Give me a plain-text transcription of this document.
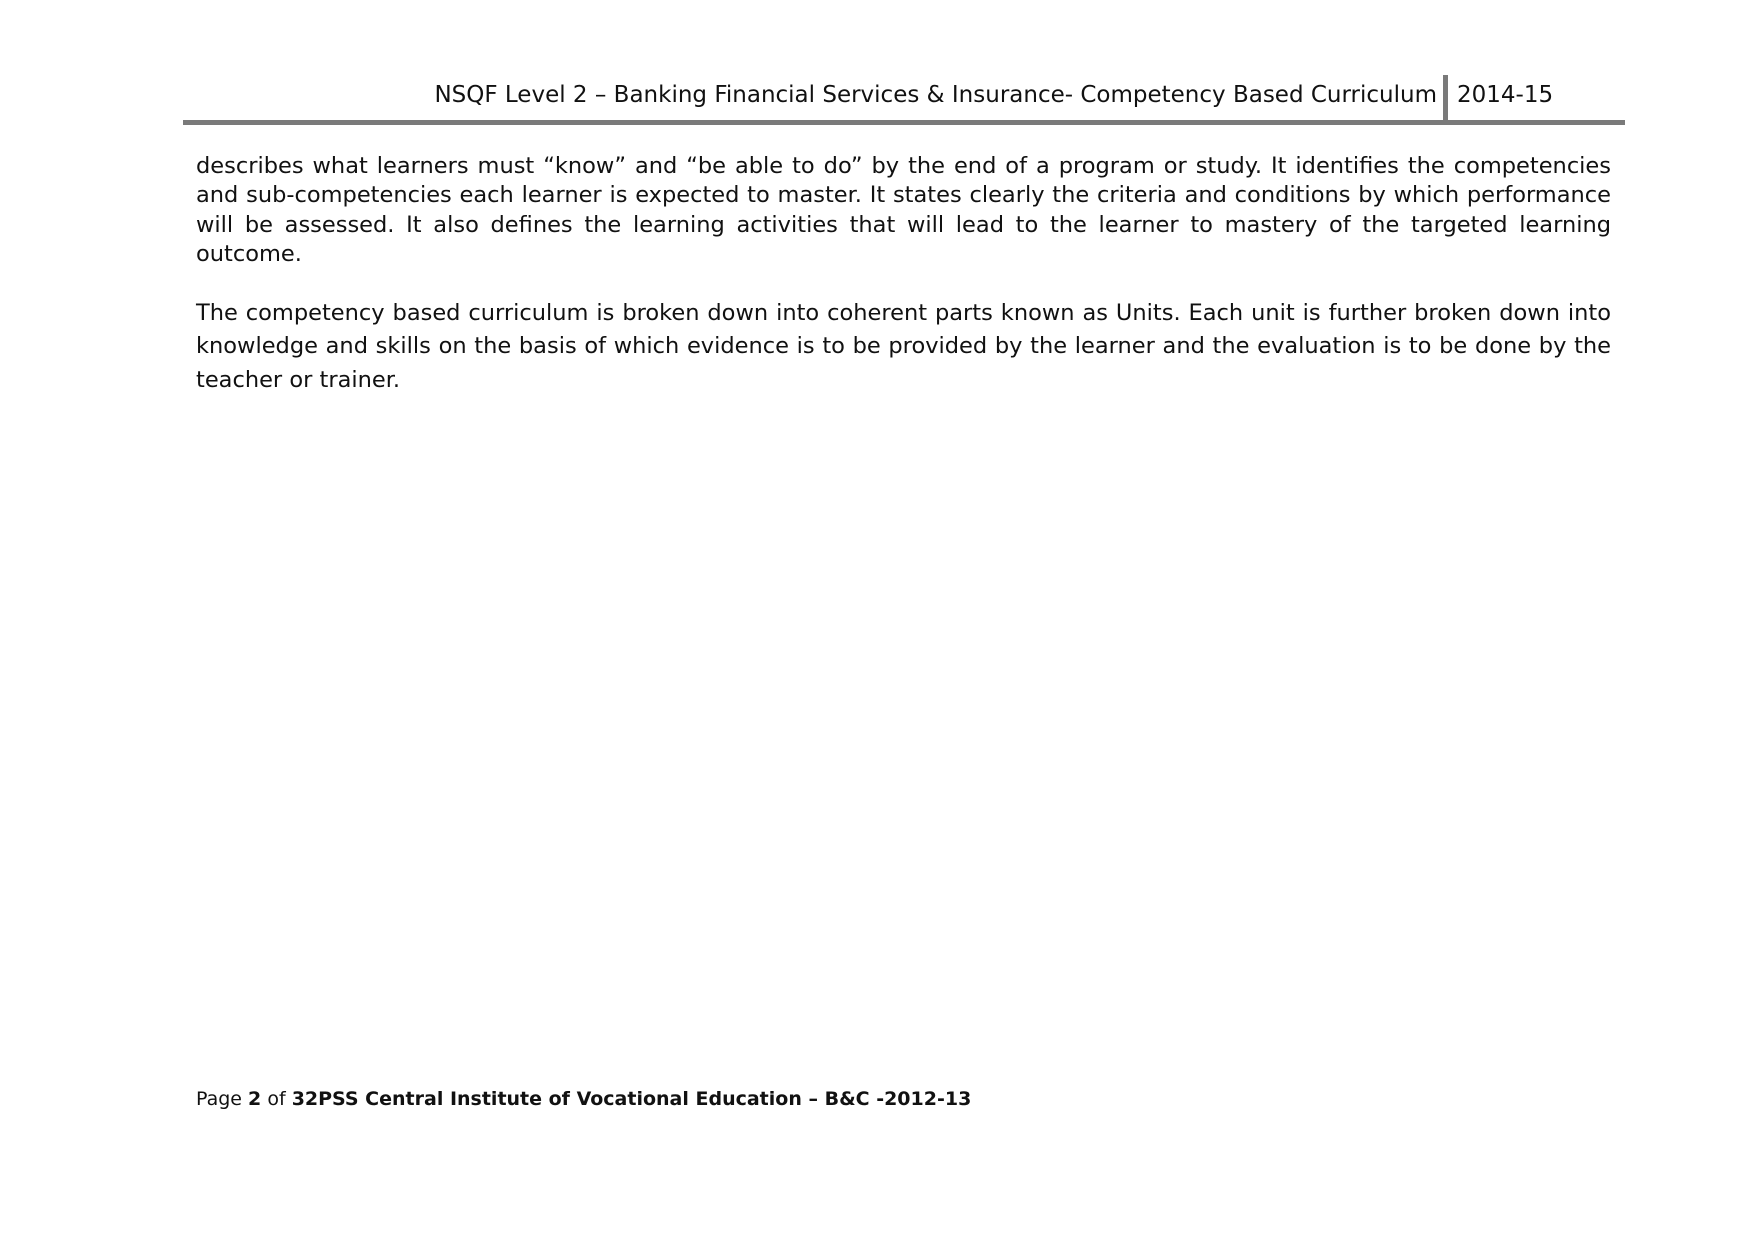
NSQF Level 2 – Banking Financial Services & Insurance- Competency Based Curriculum 2014-15

describes what learners must “know” and “be able to do” by the end of a program or study. It identifies the competencies and sub-competencies each learner is expected to master. It states clearly the criteria and conditions by which performance will be assessed. It also defines the learning activities that will lead to the learner to mastery of the targeted learning outcome.

The competency based curriculum is broken down into coherent parts known as Units. Each unit is further broken down into knowledge and skills on the basis of which evidence is to be provided by the learner and the evaluation is to be done by the teacher or trainer.

Page 2 of 32PSS Central Institute of Vocational Education – B&C -2012-13
